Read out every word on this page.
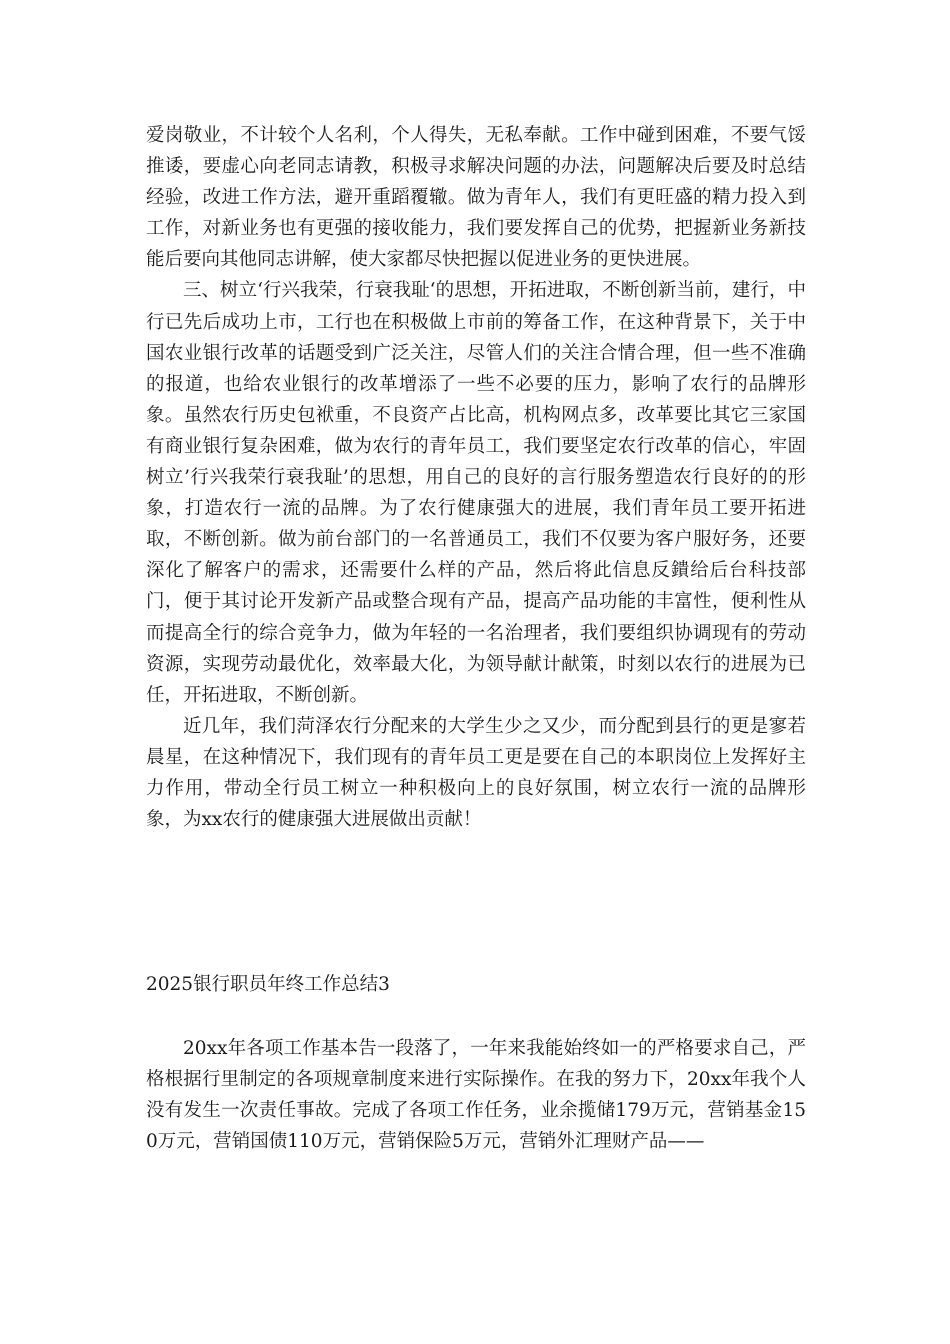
爱岗敬业，不计较个人名利，个人得失，无私奉献。工作中碰到困难，不要气馁推诿，要虚心向老同志请教，积极寻求解决问题的办法，问题解决后要及时总结经验，改进工作方法，避开重蹈覆辙。做为青年人，我们有更旺盛的精力投入到工作，对新业务也有更强的接收能力，我们要发挥自己的优势，把握新业务新技能后要向其他同志讲解，使大家都尽快把握以促进业务的更快进展。

三、树立‘行兴我荣，行衰我耻‘的思想，开拓进取，不断创新当前，建行，中行已先后成功上市，工行也在积极做上市前的筹备工作，在这种背景下，关于中国农业银行改革的话题受到广泛关注，尽管人们的关注合情合理，但一些不准确的报道，也给农业银行的改革增添了一些不必要的压力，影响了农行的品牌形象。虽然农行历史包袱重，不良资产占比高，机构网点多，改革要比其它三家国有商业银行复杂困难，做为农行的青年员工，我们要坚定农行改革的信心，牢固树立’行兴我荣行衰我耻’的思想，用自己的良好的言行服务塑造农行良好的的形象，打造农行一流的品牌。为了农行健康强大的进展，我们青年员工要开拓进取，不断创新。做为前台部门的一名普通员工，我们不仅要为客户服好务，还要深化了解客户的需求，还需要什么样的产品，然后将此信息反鐀给后台科技部门，便于其讨论开发新产品或整合现有产品，提高产品功能的丰富性，便利性从而提高全行的综合竞争力，做为年轻的一名治理者，我们要组织协调现有的劳动资源，实现劳动最优化，效率最大化，为领导献计献策，时刻以农行的进展为已任，开拓进取，不断创新。

近几年，我们菏泽农行分配来的大学生少之又少，而分配到县行的更是寥若晨星，在这种情况下，我们现有的青年员工更是要在自己的本职岗位上发挥好主力作用，带动全行员工树立一种积极向上的良好氛围，树立农行一流的品牌形象，为xx农行的健康强大进展做出贡献！

2025银行职员年终工作总结3

20xx年各项工作基本告一段落了，一年来我能始终如一的严格要求自己，严格根据行里制定的各项规章制度来进行实际操作。在我的努力下，20xx年我个人没有发生一次责任事故。完成了各项工作任务，业余揽储179万元，营销基金150万元，营销国债110万元，营销保险5万元，营销外汇理财产品——
